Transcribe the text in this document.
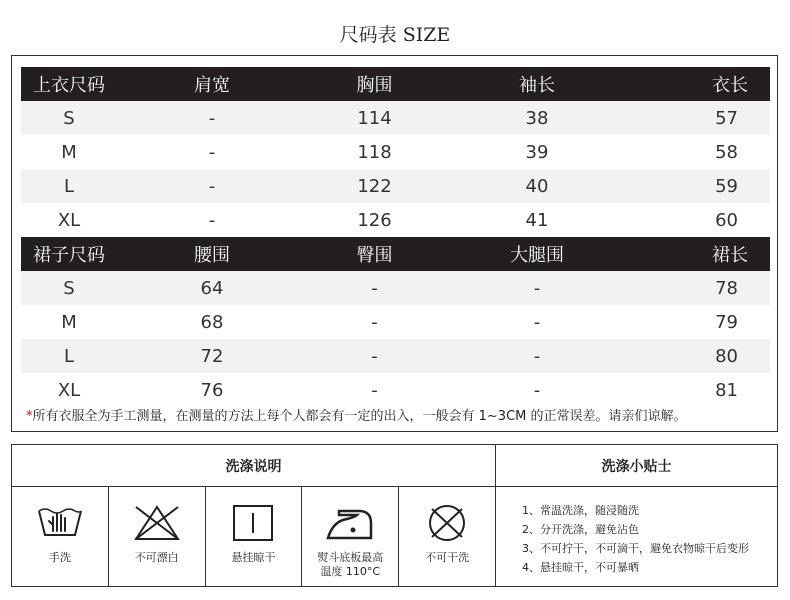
尺码表 SIZE
上衣尺码	肩宽	胸围	袖长	衣长
S	-	114	38	57
M	-	118	39	58
L	-	122	40	59
XL	-	126	41	60
裙子尺码	腰围	臀围	大腿围	裙长
S	64	-	-	78
M	68	-	-	79
L	72	-	-	80
XL	76	-	-	81
*所有衣服全为手工测量，在测量的方法上每个人都会有一定的出入，一般会有 1~3CM 的正常误差。请亲们谅解。
洗涤说明
手洗	不可漂白	悬挂晾干	熨斗底板最高
温度 110°C
不可干洗
洗涤小贴士
1、常温洗涤，随浸随洗
2、分开洗涤，避免沾色
3、不可拧干，不可滴干，避免衣物晾干后变形
4、悬挂晾干，不可暴晒
